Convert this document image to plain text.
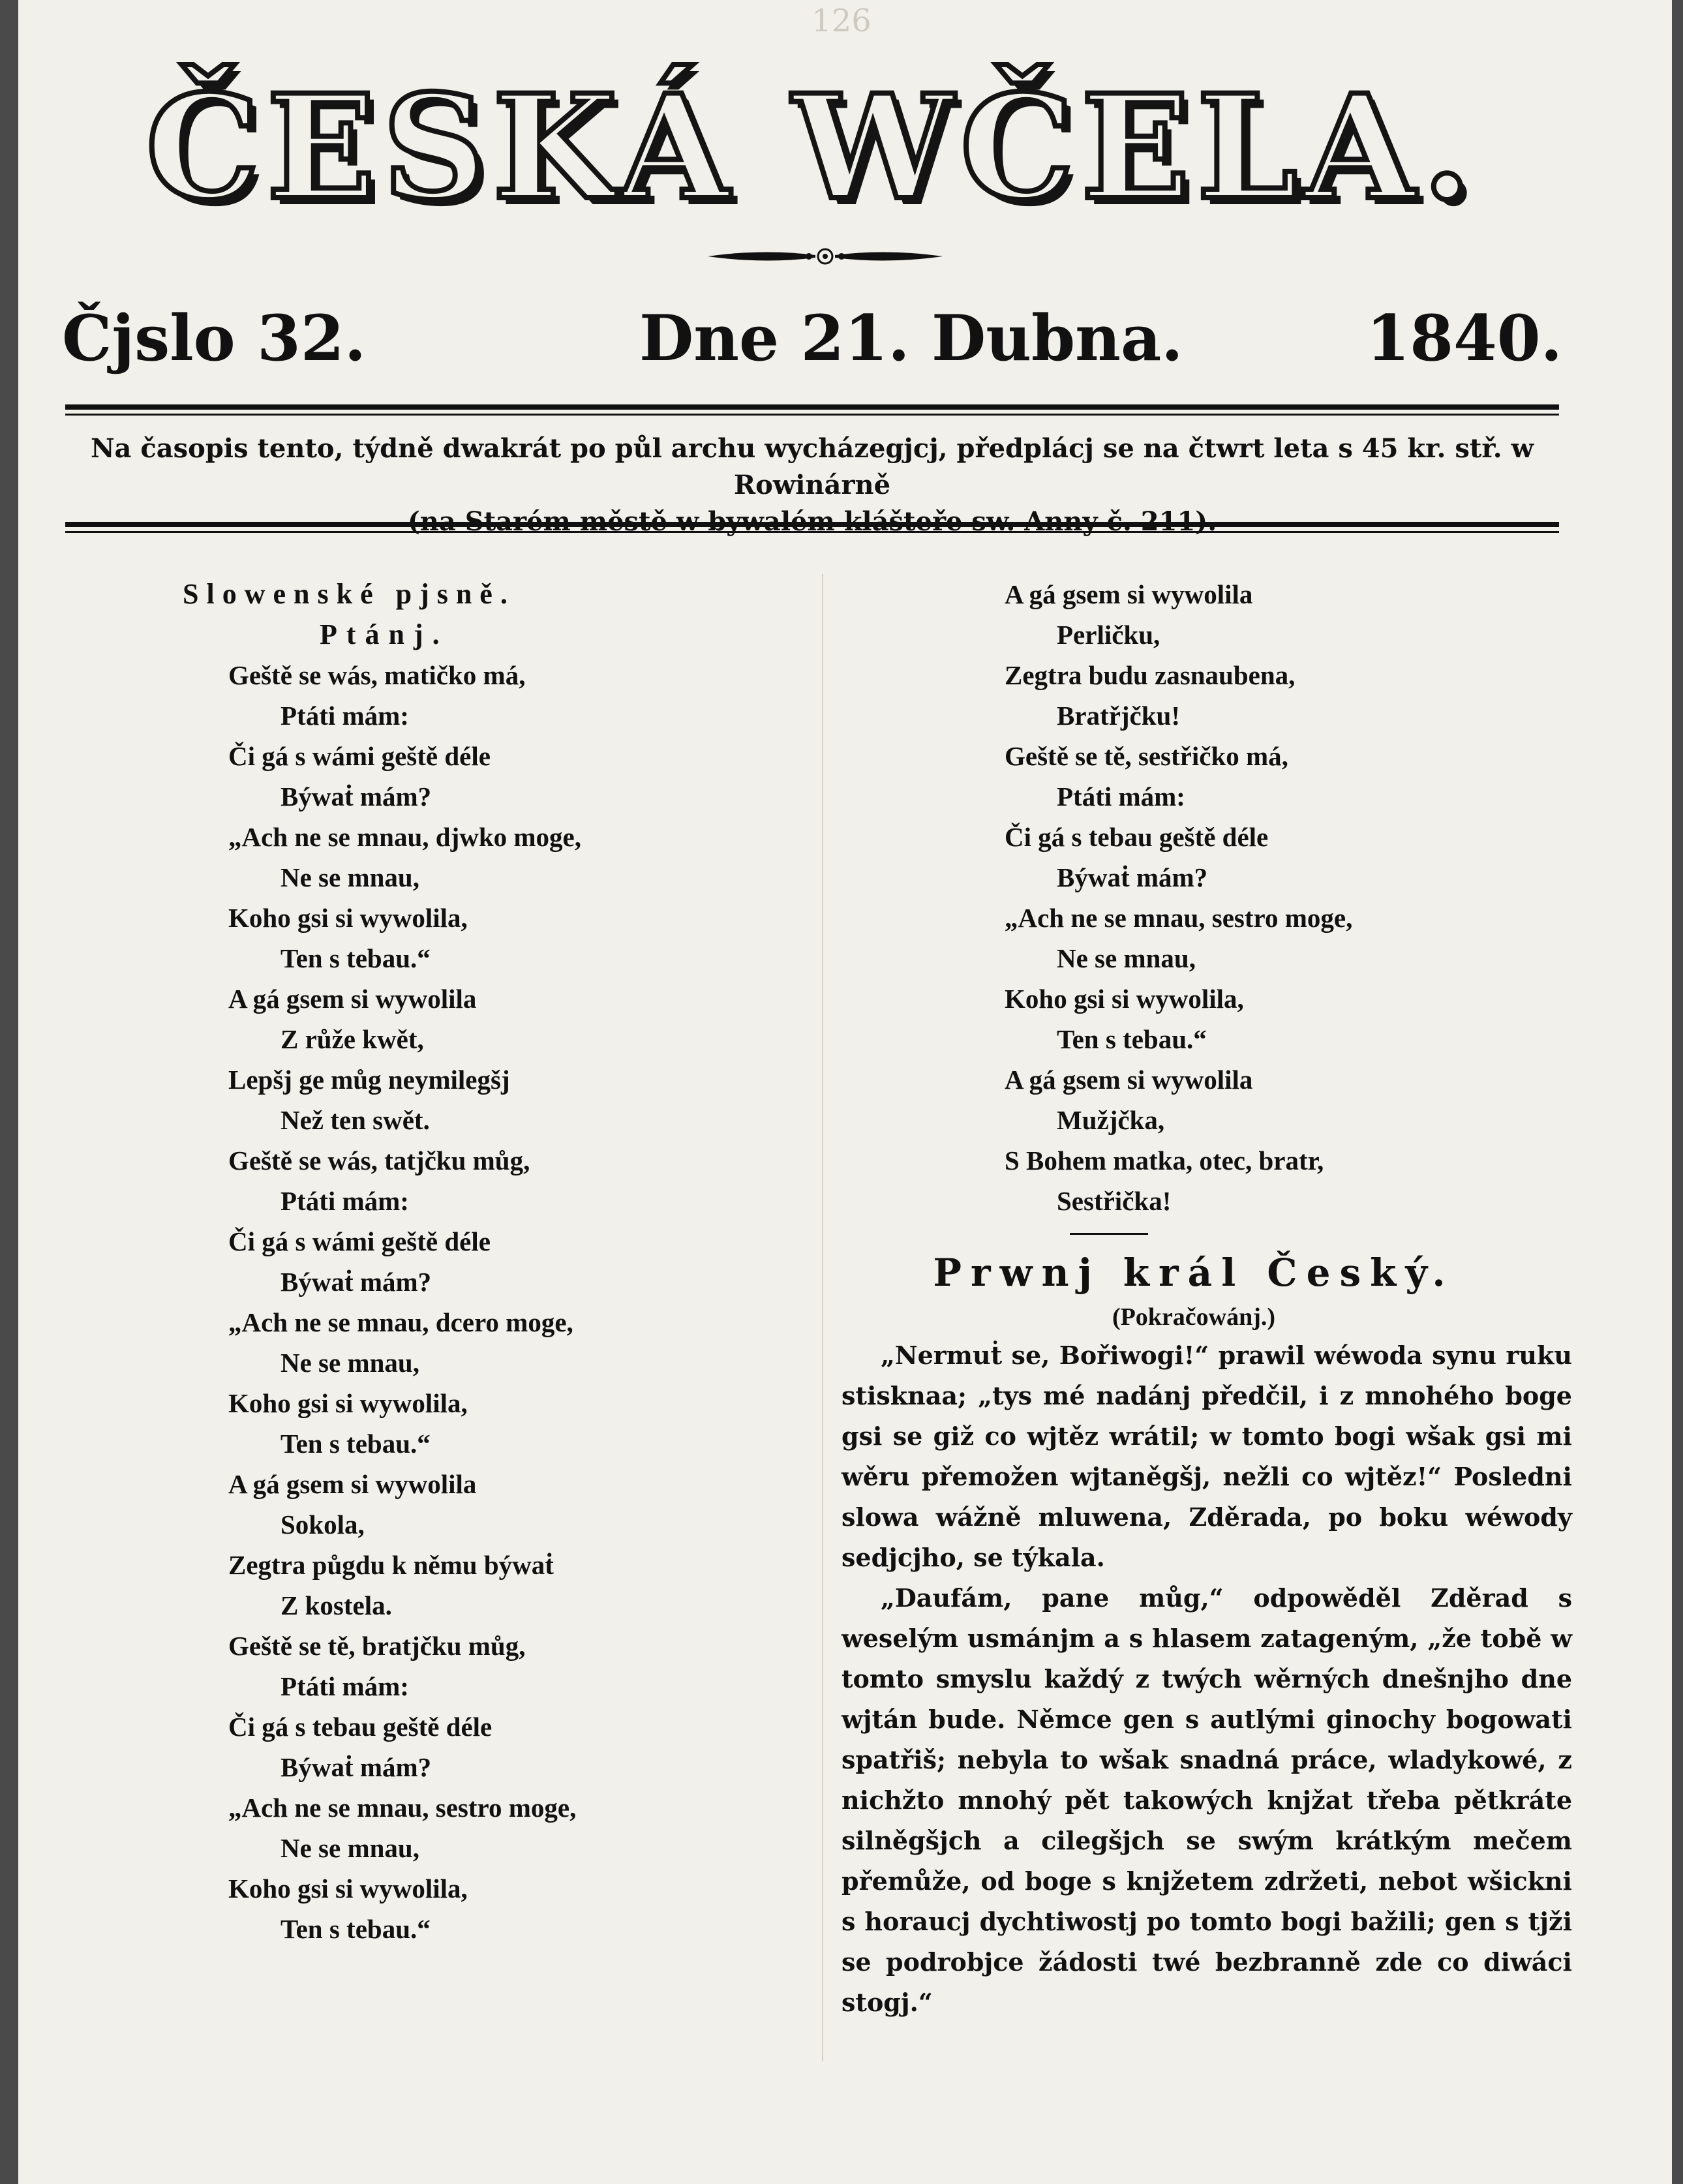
126
ČESKÁ WČELA.
Čjslo 32.	Dne 21. Dubna.	1840.
Na časopis tento, týdně dwakrát po půl archu wycházegjcj, předplácj se na čtwrt leta s 45 kr. stř. w Rowinárně
Slowenské pjsně.
Ptánj.
Geště se wás, matičko má,
Ptáti mám:
Či gá s wámi geště déle
Býwaṫ mám?
„Ach ne se mnau, djwko moge,
Ne se mnau,
Koho gsi si wywolila,
Ten s tebau.“
A gá gsem si wywolila
Z růže kwět,
Lepšj ge můg neymilegšj
Než ten swět.
Geště se wás, tatjčku můg,
Ptáti mám:
Či gá s wámi geště déle
Býwaṫ mám?
„Ach ne se mnau, dcero moge,
Ne se mnau,
Koho gsi si wywolila,
Ten s tebau.“
A gá gsem si wywolila
Sokola,
Zegtra půgdu k němu býwaṫ
Z kostela.
Geště se tě, bratjčku můg,
Ptáti mám:
Či gá s tebau geště déle
Býwaṫ mám?
„Ach ne se mnau, sestro moge,
Ne se mnau,
Koho gsi si wywolila,
Ten s tebau.“
A gá gsem si wywolila
Perličku,
Zegtra budu zasnaubena,
Bratřjčku!
Geště se tě, sestřičko má,
Ptáti mám:
Či gá s tebau geště déle
Býwaṫ mám?
„Ach ne se mnau, sestro moge,
Ne se mnau,
Koho gsi si wywolila,
Ten s tebau.“
A gá gsem si wywolila
Mužjčka,
S Bohem matka, otec, bratr,
Sestřička!
Prwnj král Český.
(Pokračowánj.)
„Nermuṫ se, Bořiwogi!“ prawil wéwoda synu ruku stisknaa; „tys mé nadánj předčil, i z mnohého boge gsi se giž co wjtěz wrátil; w tomto bogi wšak gsi mi wěru přemožen wjtaněgšj, nežli co wjtěz!“ Posledni slowa wážně mluwena, Zděrada, po boku wéwody sedjcjho, se týkala.
„Daufám, pane můg,“ odpowěděl Zděrad s weselým usmánjm a s hlasem zatageným, „že tobě w tomto smyslu každý z twých wěrných dnešnjho dne wjtán bude. Němce gen s autlými ginochy bogowati spatřiš; nebyla to wšak snadná práce, wladykowé, z nichžto mnohý pět takowých knjžat třeba pětkráte silněgšjch a cilegšjch se swým krátkým mečem přemůže, od boge s knjžetem zdržeti, nebot wšickni s horaucj dychtiwostj po tomto bogi bažili; gen s tjži se podrobjce žádosti twé bezbranně zde co diwáci stogj.“
